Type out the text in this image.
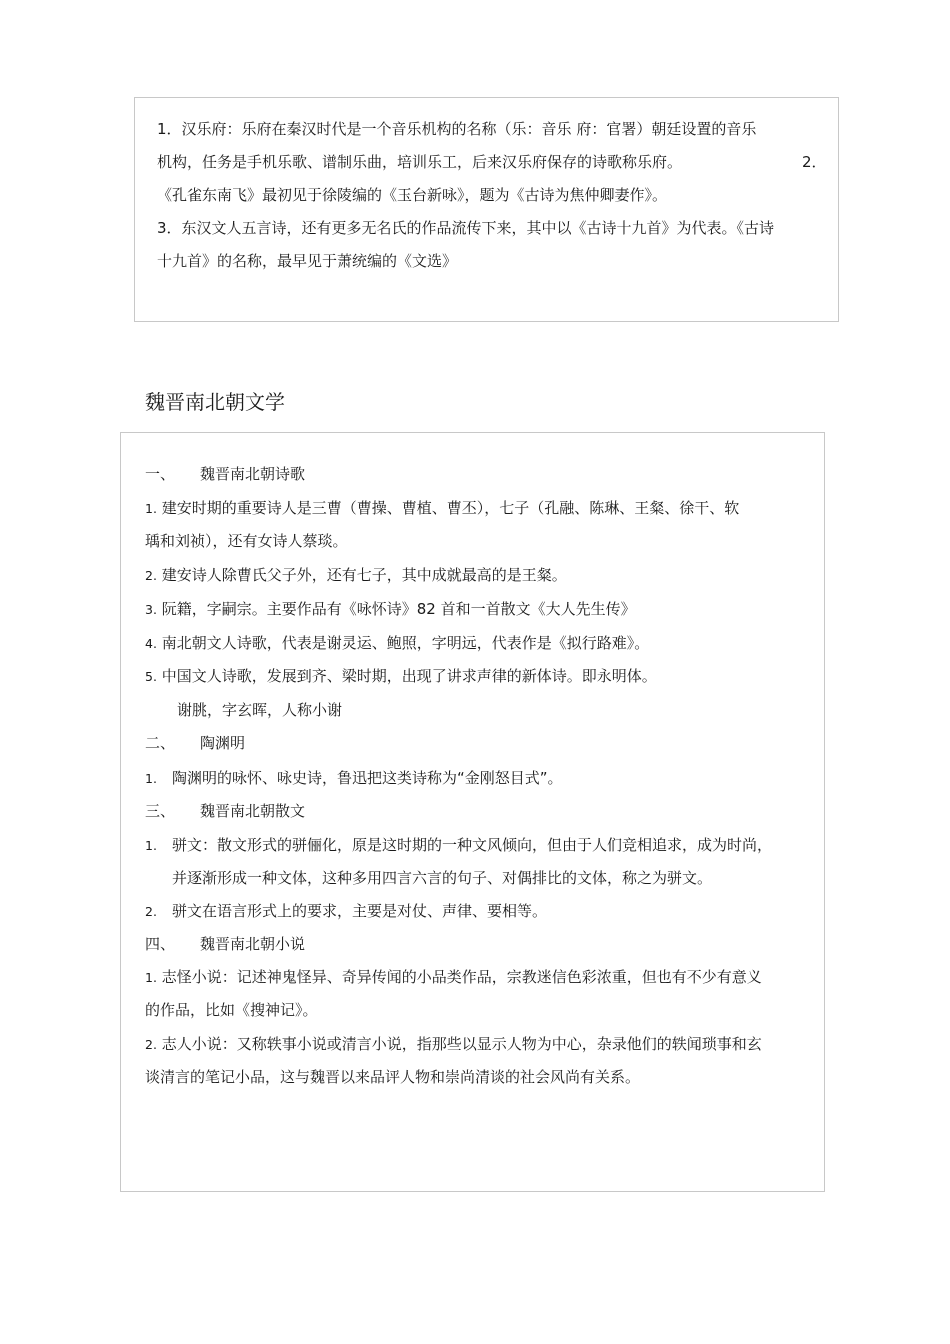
1．汉乐府：乐府在秦汉时代是一个音乐机构的名称（乐：音乐 府：官署）朝廷设置的音乐
机构，任务是手机乐歌、谱制乐曲，培训乐工，后来汉乐府保存的诗歌称乐府。	2．
《孔雀东南飞》最初见于徐陵编的《玉台新咏》，题为《古诗为焦仲卿妻作》。
3．东汉文人五言诗，还有更多无名氏的作品流传下来，其中以《古诗十九首》为代表。《古诗
十九首》的名称，最早见于萧统编的《文选》
魏晋南北朝文学
一、 魏晋南北朝诗歌
1. 建安时期的重要诗人是三曹（曹操、曹植、曹丕），七子（孔融、陈琳、王粲、徐干、软
瑀和刘祯），还有女诗人蔡琰。
2. 建安诗人除曹氏父子外，还有七子，其中成就最高的是王粲。
3. 阮籍，字嗣宗。主要作品有《咏怀诗》82 首和一首散文《大人先生传》
4. 南北朝文人诗歌，代表是谢灵运、鲍照，字明远，代表作是《拟行路难》。
5. 中国文人诗歌，发展到齐、梁时期，出现了讲求声律的新体诗。即永明体。
谢朓，字玄晖，人称小谢
二、 陶渊明
1. 陶渊明的咏怀、咏史诗，鲁迅把这类诗称为“金刚怒目式”。
三、 魏晋南北朝散文
1. 骈文：散文形式的骈俪化，原是这时期的一种文风倾向，但由于人们竞相追求，成为时尚，
并逐渐形成一种文体，这种多用四言六言的句子、对偶排比的文体，称之为骈文。
2. 骈文在语言形式上的要求，主要是对仗、声律、要相等。
四、 魏晋南北朝小说
1. 志怪小说：记述神鬼怪异、奇异传闻的小品类作品，宗教迷信色彩浓重，但也有不少有意义
的作品，比如《搜神记》。
2. 志人小说：又称轶事小说或清言小说，指那些以显示人物为中心，杂录他们的轶闻琐事和玄
谈清言的笔记小品，这与魏晋以来品评人物和崇尚清谈的社会风尚有关系。
